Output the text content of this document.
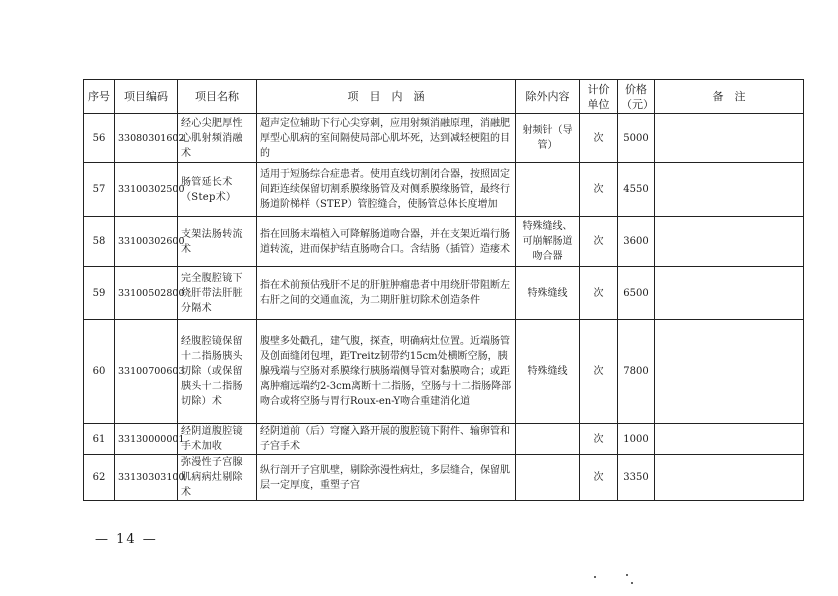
序号	项目编码	项目名称	项　目　内　涵	除外内容	计价单位	价格（元）	备　注
56	33080301602	经心尖肥厚性心肌射频消融术	超声定位辅助下行心尖穿刺，应用射频消融原理，消融肥厚型心肌病的室间隔使局部心肌坏死，达到减轻梗阻的目的	射频针（导管）	次	5000	
57	33100302500	肠管延长术（Step术）	适用于短肠综合症患者。使用直线切割闭合器，按照固定间距连续保留切割系膜缘肠管及对侧系膜缘肠管，最终行肠道阶梯样（STEP）管腔缝合，使肠管总体长度增加		次	4550	
58	33100302600	支架法肠转流术	指在回肠末端植入可降解肠道吻合器，并在支架近端行肠道转流，进而保护结直肠吻合口。含结肠（插管）造瘘术	特殊缝线、可崩解肠道吻合器	次	3600	
59	33100502800	完全腹腔镜下绕肝带法肝脏分隔术	指在术前预估残肝不足的肝脏肿瘤患者中用绕肝带阻断左右肝之间的交通血流，为二期肝脏切除术创造条件	特殊缝线	次	6500	
60	33100700603	经腹腔镜保留十二指肠胰头切除（或保留胰头十二指肠切除）术	腹壁多处戳孔，建气腹，探查，明确病灶位置。近端肠管及创面缝闭包埋，距Treitz韧带约15cm处横断空肠，胰腺残端与空肠对系膜缘行胰肠端侧导管对黏膜吻合；或距离肿瘤远端约2-3cm离断十二指肠，空肠与十二指肠降部吻合或将空肠与胃行Roux-en-Y吻合重建消化道	特殊缝线	次	7800	
61	33130000001	经阴道腹腔镜手术加收	经阴道前（后）穹窿入路开展的腹腔镜下附件、输卵管和子宫手术		次	1000	
62	33130303100	弥漫性子宫腺肌病病灶剔除术	纵行剖开子宫肌壁，剔除弥漫性病灶，多层缝合，保留肌层一定厚度，重塑子宫		次	3350	
— 14 —
